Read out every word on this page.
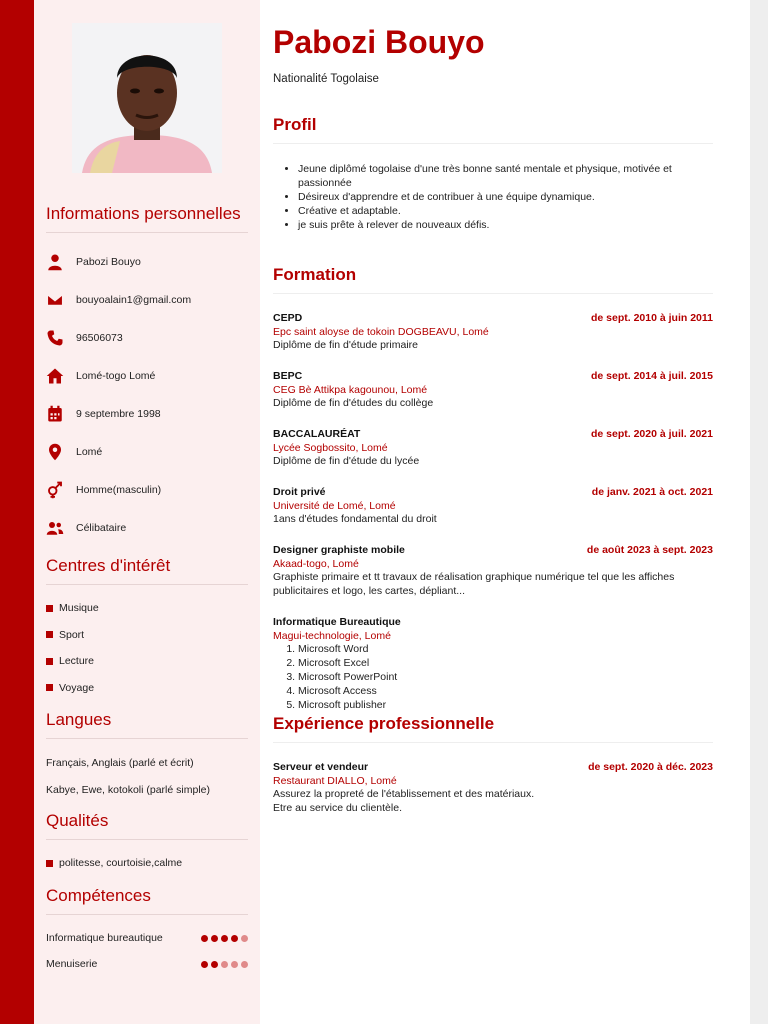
Informations personnelles
Pabozi Bouyo
bouyoalain1@gmail.com
96506073
Lomé-togo Lomé
9 septembre 1998
Lomé
Homme(masculin)
Célibataire
Centres d'intérêt
Musique
Sport
Lecture
Voyage
Langues
Français, Anglais (parlé et écrit)
Kabye, Ewe, kotokoli (parlé simple)
Qualités
politesse, courtoisie,calme
Compétences
Informatique bureautique
Menuiserie
Pabozi Bouyo
Nationalité Togolaise
Profil
• Jeune diplômé togolaise d'une très bonne santé mentale et physique, motivée et passionnée
• Désireux d'apprendre et de contribuer à une équipe dynamique.
• Créative et adaptable.
• je suis prête à relever de nouveaux défis.
Formation
CEPD	de sept. 2010 à juin 2011
Epc saint aloyse de tokoin DOGBEAVU, Lomé
Diplôme de fin d'étude primaire
BEPC	de sept. 2014 à juil. 2015
CEG Bè Attikpa kagounou, Lomé
Diplôme de fin d'études du collège
BACCALAURÉAT	de sept. 2020 à juil. 2021
Lycée Sogbossito, Lomé
Diplôme de fin d'étude du lycée
Droit privé	de janv. 2021 à oct. 2021
Université de Lomé, Lomé
1ans d'études fondamental du droit
Designer graphiste mobile	de août 2023 à sept. 2023
Akaad-togo, Lomé
Graphiste primaire et tt travaux de réalisation graphique numérique tel que les affiches publicitaires et logo, les cartes, dépliant...
Informatique Bureautique
Magui-technologie, Lomé
1. Microsoft Word
2. Microsoft Excel
3. Microsoft PowerPoint
4. Microsoft Access
5. Microsoft publisher
Expérience professionnelle
Serveur et vendeur	de sept. 2020 à déc. 2023
Restaurant DIALLO, Lomé
Assurez la propreté de l'établissement et des matériaux.
Etre au service du clientèle.
